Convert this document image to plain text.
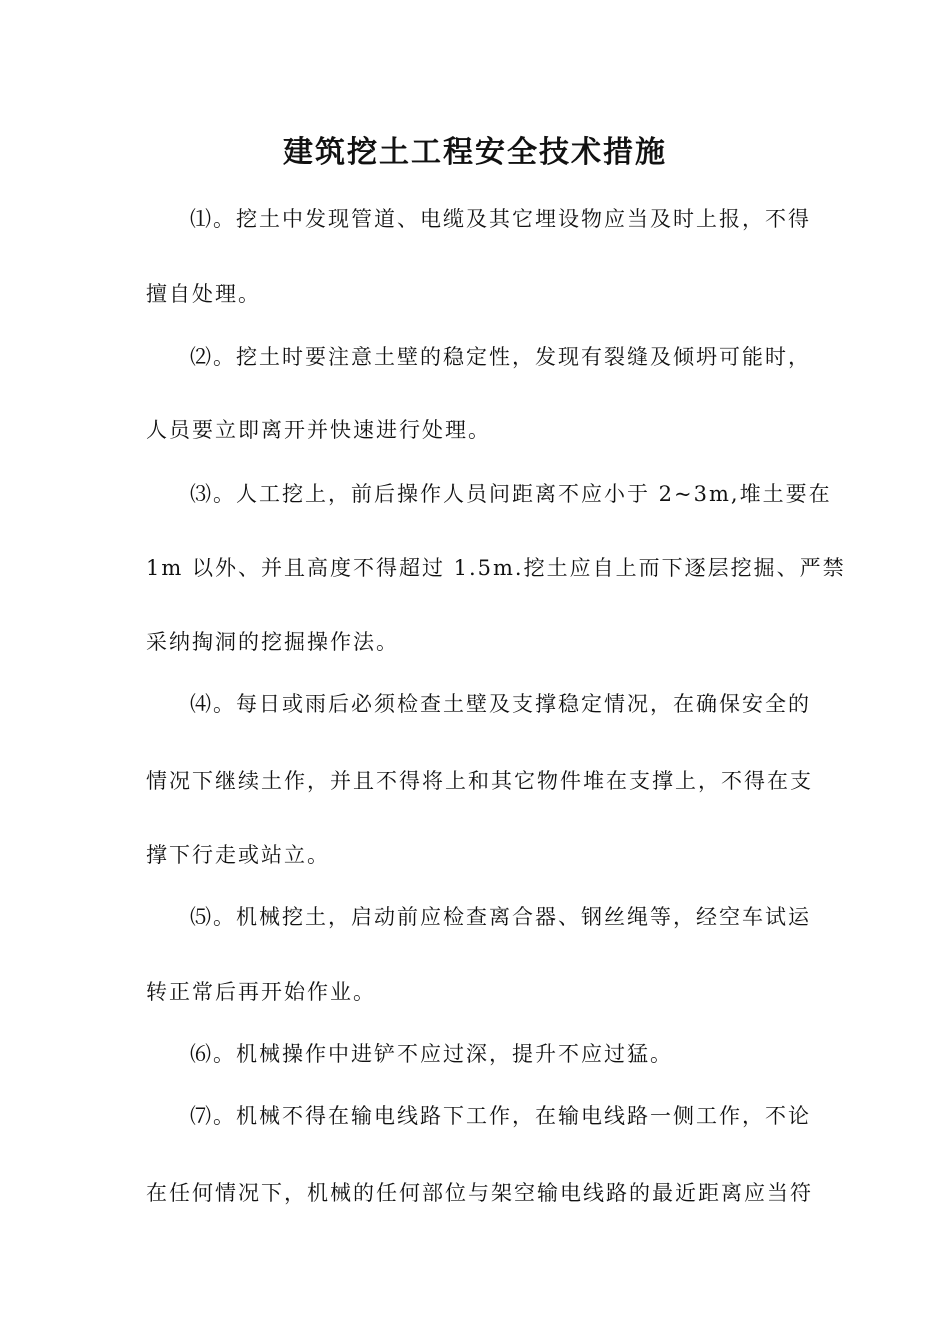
建筑挖土工程安全技术措施
⑴。挖土中发现管道、电缆及其它埋设物应当及时上报，不得
擅自处理。
⑵。挖土时要注意土壁的稳定性，发现有裂缝及倾坍可能时，
人员要立即离开并快速进行处理。
⑶。人工挖上，前后操作人员问距离不应小于 2~3m,堆土要在
1m 以外、并且高度不得超过 1.5m.挖土应自上而下逐层挖掘、严禁
采纳掏洞的挖掘操作法。
⑷。每日或雨后必须检查土壁及支撑稳定情况，在确保安全的
情况下继续土作，并且不得将上和其它物件堆在支撑上，不得在支
撑下行走或站立。
⑸。机械挖土，启动前应检查离合器、钢丝绳等，经空车试运
转正常后再开始作业。
⑹。机械操作中进铲不应过深，提升不应过猛。
⑺。机械不得在输电线路下工作，在输电线路一侧工作，不论
在任何情况下，机械的任何部位与架空输电线路的最近距离应当符
